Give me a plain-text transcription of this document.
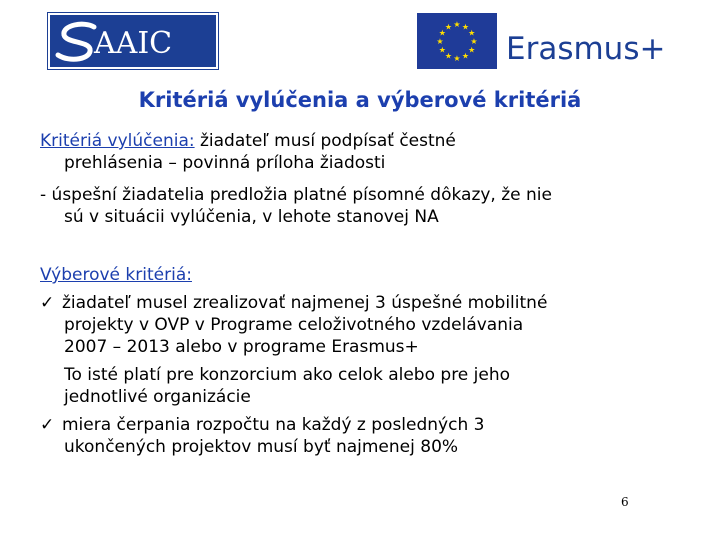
AAIC
★ ★
★
★
★
★
★
★
★
★
★
★
Erasmus+
Kritériá vylúčenia a výberové kritériá

Kritériá vylúčenia: žiadateľ musí podpísať čestné

prehlásenia – povinná príloha žiadosti

- úspešní žiadatelia predložia platné písomné dôkazy, že nie

sú v situácii vylúčenia, v lehote stanovej NA

Výberové kritériá:

✓ žiadateľ musel zrealizovať najmenej 3 úspešné mobilitné

projekty v OVP v Programe celoživotného vzdelávania

2007 – 2013 alebo v programe Erasmus+

To isté platí pre konzorcium ako celok alebo pre jeho

jednotlivé organizácie

✓ miera čerpania rozpočtu na každý z posledných 3

ukončených projektov musí byť najmenej 80%

6
